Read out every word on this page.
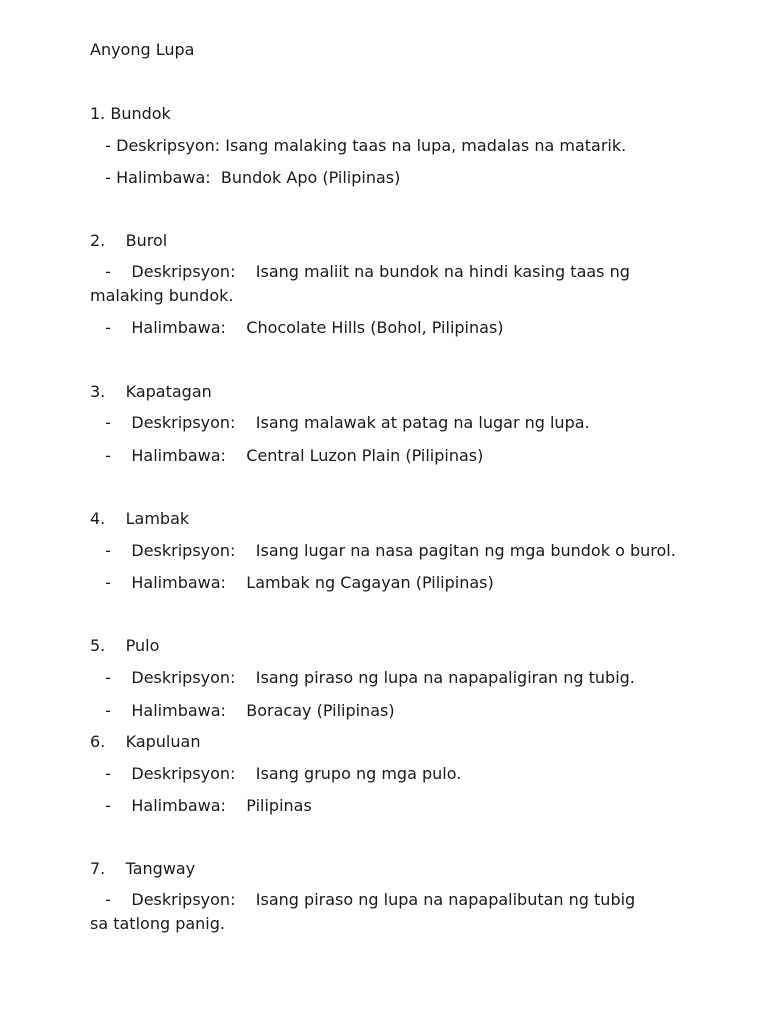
Anyong Lupa
1. Bundok
- Deskripsyon: Isang malaking taas na lupa, madalas na matarik.
- Halimbawa:  Bundok Apo (Pilipinas)
2.    Burol
-    Deskripsyon:    Isang maliit na bundok na hindi kasing taas ng malaking bundok.
-    Halimbawa:    Chocolate Hills (Bohol, Pilipinas)
3.    Kapatagan
-    Deskripsyon:    Isang malawak at patag na lugar ng lupa.
-    Halimbawa:    Central Luzon Plain (Pilipinas)
4.    Lambak
-    Deskripsyon:    Isang lugar na nasa pagitan ng mga bundok o burol.
-    Halimbawa:    Lambak ng Cagayan (Pilipinas)
5.    Pulo
-    Deskripsyon:    Isang piraso ng lupa na napapaligiran ng tubig.
-    Halimbawa:    Boracay (Pilipinas)
6.    Kapuluan
-    Deskripsyon:    Isang grupo ng mga pulo.
-    Halimbawa:    Pilipinas
7.    Tangway
-    Deskripsyon:    Isang piraso ng lupa na napapalibutan ng tubig sa tatlong panig.
